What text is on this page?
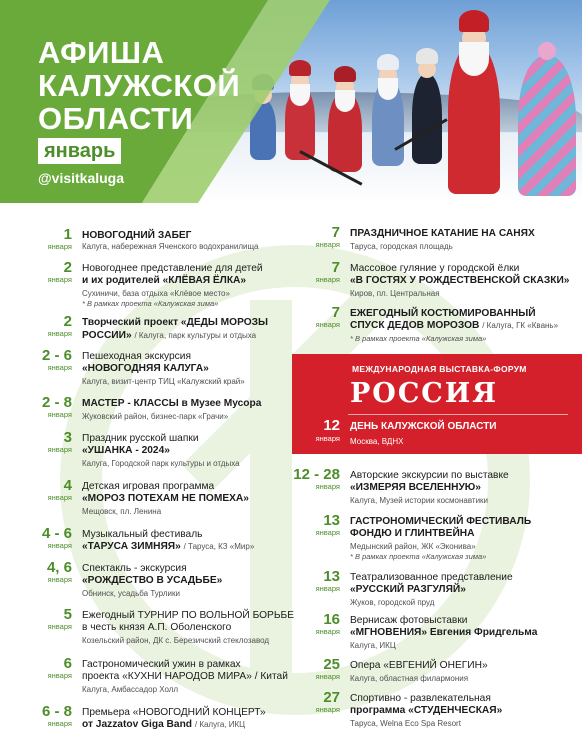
АФИША
КАЛУЖСКОЙ
ОБЛАСТИ
январь
@visitkaluga
1
января
НОВОГОДНИЙ ЗАБЕГ
Калуга, набережная Яченского водохранилища
2
января
Новогоднее представление для детей
и их родителей «КЛЁВАЯ ЁЛКА»
Сухиничи, база отдыха «Клёвое место»
* В рамках проекта «Калужская зима»
2
января
Творческий проект «ДЕДЫ МОРОЗЫ
РОССИИ» / Калуга, парк культуры и отдыха
2 - 6
января
Пешеходная экскурсия
«НОВОГОДНЯЯ КАЛУГА»
Калуга, визит-центр ТИЦ «Калужский край»
2 - 8
января
МАСТЕР - КЛАССЫ в Музее Мусора
Жуковский район, бизнес-парк «Грачи»
3
января
Праздник русской шапки
«УШАНКА - 2024»
Калуга, Городской парк культуры и отдыха
4
января
Детская игровая программа
«МОРОЗ ПОТЕХАМ НЕ ПОМЕХА»
Мещовск, пл. Ленина
4 - 6
января
Музыкальный фестиваль
«ТАРУСА ЗИМНЯЯ» / Таруса, КЗ «Мир»
4, 6
января
Спектакль - экскурсия
«РОЖДЕСТВО В УСАДЬБЕ»
Обнинск, усадьба Турлики
5
января
Ежегодный ТУРНИР ПО ВОЛЬНОЙ БОРЬБЕ
в честь князя А.П. Оболенского
Козельский район, ДК с. Березичский стеклозавод
6
января
Гастрономический ужин в рамках
проекта «КУХНИ НАРОДОВ МИРА» / Китай
Калуга, Амбассадор Холл
6 - 8
января
Премьера «НОВОГОДНИЙ КОНЦЕРТ»
от Jazzatov Giga Band / Калуга, ИКЦ
7
января
ПРАЗДНИЧНОЕ КАТАНИЕ НА САНЯХ
Таруса, городская площадь
7
января
Массовое гуляние у городской ёлки
«В ГОСТЯХ У РОЖДЕСТВЕНСКОЙ СКАЗКИ»
Киров, пл. Центральная
7
января
ЕЖЕГОДНЫЙ КОСТЮМИРОВАННЫЙ
СПУСК ДЕДОВ МОРОЗОВ / Калуга, ГК «Квань»
* В рамках проекта «Калужская зима»
12 - 28
января
Авторские экскурсии по выставке
«ИЗМЕРЯЯ ВСЕЛЕННУЮ»
Калуга, Музей истории космонавтики
13
января
ГАСТРОНОМИЧЕСКИЙ ФЕСТИВАЛЬ
ФОНДЮ И ГЛИНТВЕЙНА
Медынский район, ЖК «Эконива»
* В рамках проекта «Калужская зима»
13
января
Театрализованное представление
«РУССКИЙ РАЗГУЛЯЙ»
Жуков, городской пруд
16
января
Вернисаж фотовыставки
«МГНОВЕНИЯ» Евгения Фридгельма
Калуга, ИКЦ
25
января
Опера «ЕВГЕНИЙ ОНЕГИН»
Калуга, областная филармония
27
января
Спортивно - развлекательная
программа «СТУДЕНЧЕСКАЯ»
Таруса, Welna Eco Spa Resort
МЕЖДУНАРОДНАЯ ВЫСТАВКА-ФОРУМ
РОССИЯ
12
января
ДЕНЬ КАЛУЖСКОЙ ОБЛАСТИ
Москва, ВДНХ
